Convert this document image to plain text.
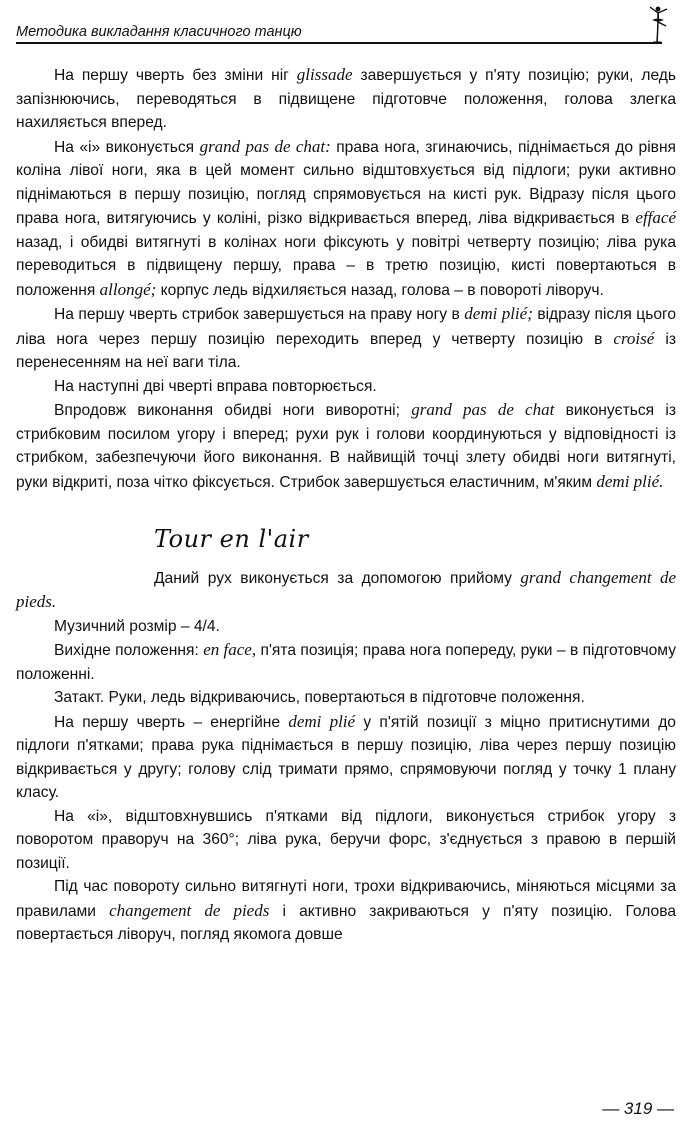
Методика викладання класичного танцю

На першу чверть без зміни ніг glissade завершується у п'яту позицію; руки, ледь запізнюючись, переводяться в підвищене підготовче положення, голова злегка нахиляється вперед.

На «і» виконується grand pas de chat: права нога, згинаючись, піднімається до рівня коліна лівої ноги, яка в цей момент сильно відштовхується від підлоги; руки активно піднімаються в першу позицію, погляд спрямовується на кисті рук. Відразу після цього права нога, витягуючись у коліні, різко відкривається вперед, ліва відкривається в effacé назад, і обидві витягнуті в колінах ноги фіксують у повітрі четверту позицію; ліва рука переводиться в підвищену першу, права – в третю позицію, кисті повертаються в положення allongé; корпус ледь відхиляється назад, голова – в повороті ліворуч.

На першу чверть стрибок завершується на праву ногу в demi plié; відразу після цього ліва нога через першу позицію переходить вперед у четверту позицію в croisé із перенесенням на неї ваги тіла.

На наступні дві чверті вправа повторюється.

Впродовж виконання обидві ноги виворотні; grand pas de chat виконується із стрибковим посилом угору і вперед; рухи рук і голови координуються у відповідності із стрибком, забезпечуючи його виконання. В найвищій точці злету обидві ноги витягнуті, руки відкриті, поза чітко фіксується. Стрибок завершується еластичним, м'яким demi plié.

Tour en l'air

Даний рух виконується за допомогою прийому grand changement de pieds.

Музичний розмір – 4/4.

Вихідне положення: en face, п'ята позиція; права нога попереду, руки – в підготовчому положенні.

Затакт. Руки, ледь відкриваючись, повертаються в підготовче положення.

На першу чверть – енергійне demi plié у п'ятій позиції з міцно притиснутими до підлоги п'ятками; права рука піднімається в першу позицію, ліва через першу позицію відкривається у другу; голову слід тримати прямо, спрямовуючи погляд у точку 1 плану класу.

На «і», відштовхнувшись п'ятками від підлоги, виконується стрибок угору з поворотом праворуч на 360°; ліва рука, беручи форс, з'єднується з правою в першій позиції.

Під час повороту сильно витягнуті ноги, трохи відкриваючись, міняються місцями за правилами changement de pieds і активно закриваються у п'яту позицію. Голова повертається ліворуч, погляд якомога довше

— 319 —
